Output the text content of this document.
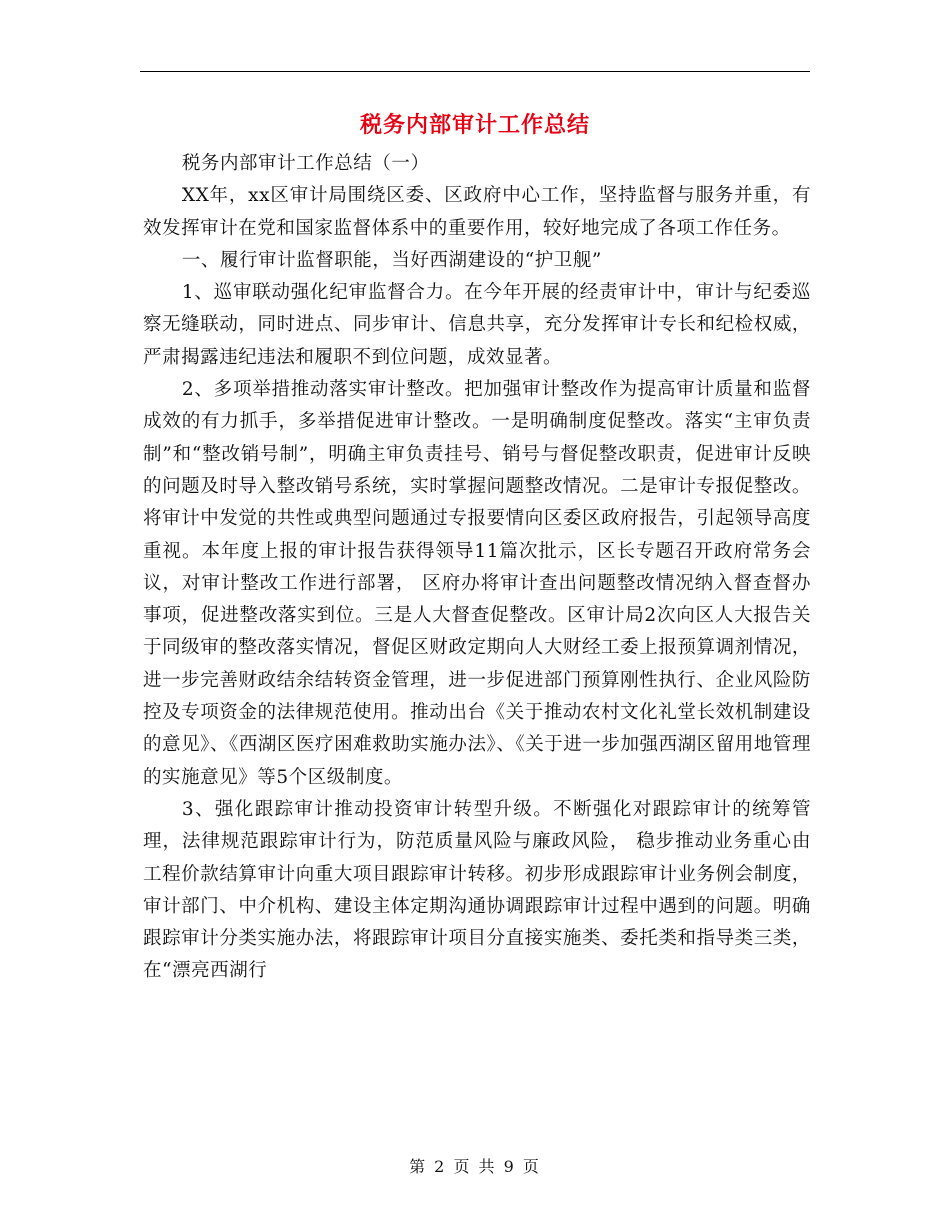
税务内部审计工作总结

税务内部审计工作总结（一）

XX年，xx区审计局围绕区委、区政府中心工作，坚持监督与服务并重，有效发挥审计在党和国家监督体系中的重要作用，较好地完成了各项工作任务。

一、履行审计监督职能，当好西湖建设的“护卫舰”

1、巡审联动强化纪审监督合力。在今年开展的经责审计中，审计与纪委巡察无缝联动，同时进点、同步审计、信息共享，充分发挥审计专长和纪检权威，严肃揭露违纪违法和履职不到位问题，成效显著。

2、多项举措推动落实审计整改。把加强审计整改作为提高审计质量和监督成效的有力抓手，多举措促进审计整改。一是明确制度促整改。落实“主审负责制”和“整改销号制”，明确主审负责挂号、销号与督促整改职责，促进审计反映的问题及时导入整改销号系统，实时掌握问题整改情况。二是审计专报促整改。将审计中发觉的共性或典型问题通过专报要情向区委区政府报告，引起领导高度重视。本年度上报的审计报告获得领导11篇次批示，区长专题召开政府常务会议，对审计整改工作进行部署， 区府办将审计查出问题整改情况纳入督查督办事项，促进整改落实到位。三是人大督查促整改。区审计局2次向区人大报告关于同级审的整改落实情况，督促区财政定期向人大财经工委上报预算调剂情况，进一步完善财政结余结转资金管理，进一步促进部门预算刚性执行、企业风险防控及专项资金的法律规范使用。推动出台《关于推动农村文化礼堂长效机制建设的意见》、《西湖区医疗困难救助实施办法》、《关于进一步加强西湖区留用地管理的实施意见》等5个区级制度。

3、强化跟踪审计推动投资审计转型升级。不断强化对跟踪审计的统筹管理，法律规范跟踪审计行为，防范质量风险与廉政风险， 稳步推动业务重心由工程价款结算审计向重大项目跟踪审计转移。初步形成跟踪审计业务例会制度，审计部门、中介机构、建设主体定期沟通协调跟踪审计过程中遇到的问题。明确跟踪审计分类实施办法，将跟踪审计项目分直接实施类、委托类和指导类三类，在“漂亮西湖行

第 2 页 共 9 页
